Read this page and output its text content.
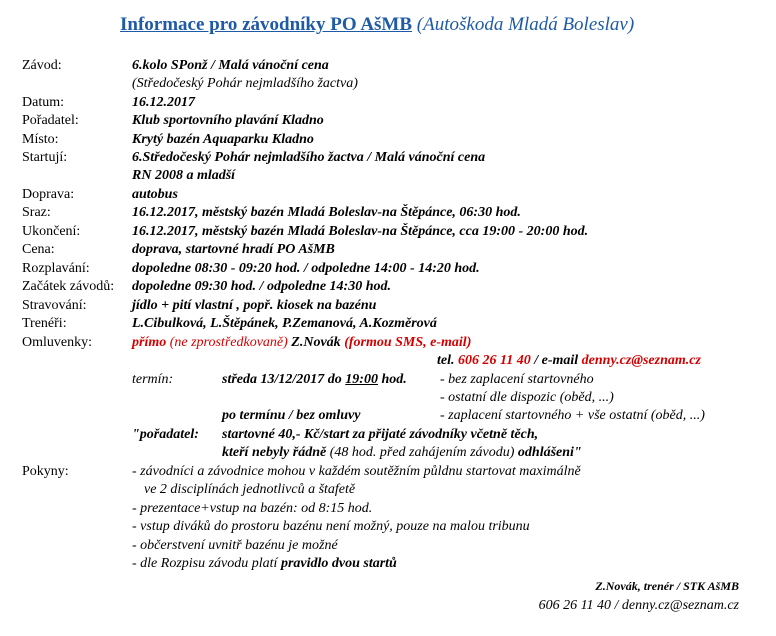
Informace pro závodníky PO AšMB (Autoškoda Mladá Boleslav)
Závod:	6.kolo SPonž / Malá vánoční cena
(Středočeský Pohár nejmladšího žactva)
Datum:	16.12.2017
Pořadatel:	Klub sportovního plavání Kladno
Místo:	Krytý bazén Aquaparku Kladno
Startují:	6.Středočeský Pohár nejmladšího žactva / Malá vánoční cena
RN 2008 a mladší
Doprava:	autobus
Sraz:	16.12.2017, městský bazén Mladá Boleslav-na Štěpánce, 06:30 hod.
Ukončení:	16.12.2017, městský bazén Mladá Boleslav-na Štěpánce, cca 19:00 - 20:00 hod.
Cena:	doprava, startovné hradí PO AšMB
Rozplavání:	dopoledne 08:30 - 09:20 hod. / odpoledne 14:00 - 14:20 hod.
Začátek závodů: dopoledne 09:30 hod. / odpoledne 14:30 hod.
Stravování:	jídlo + pití vlastní , popř. kiosek na bazénu
Trenéři:	L.Cibulková, L.Štěpánek, P.Zemanová, A.Kozměrová
Omluvenky:	přímo (ne zprostředkovaně) Z.Novák (formou SMS, e-mail)
tel. 606 26 11 40 / e-mail denny.cz@seznam.cz
termín:	středa 13/12/2017 do 19:00 hod. - bez zaplacení startovného
- ostatní dle dispozic (oběd, ...)
po termínu / bez omluvy	- zaplacení startovného + vše ostatní (oběd, ...)
"pořadatel: startovné 40,- Kč/start za přijaté závodníky včetně těch,
kteří nebyly řádně (48 hod. před zahájením závodu) odhlášeni"
Pokyny:	- závodníci a závodnice mohou v každém soutěžním půldnu startovat maximálně
ve 2 disciplínách jednotlivců a štafetě
- prezentace+vstup na bazén: od 8:15 hod.
- vstup diváků do prostoru bazénu není možný, pouze na malou tribunu
- občerstvení uvnitř bazénu je možné
- dle Rozpisu závodu platí pravidlo dvou startů
Z.Novák, trenér / STK AšMB
606 26 11 40 / denny.cz@seznam.cz
